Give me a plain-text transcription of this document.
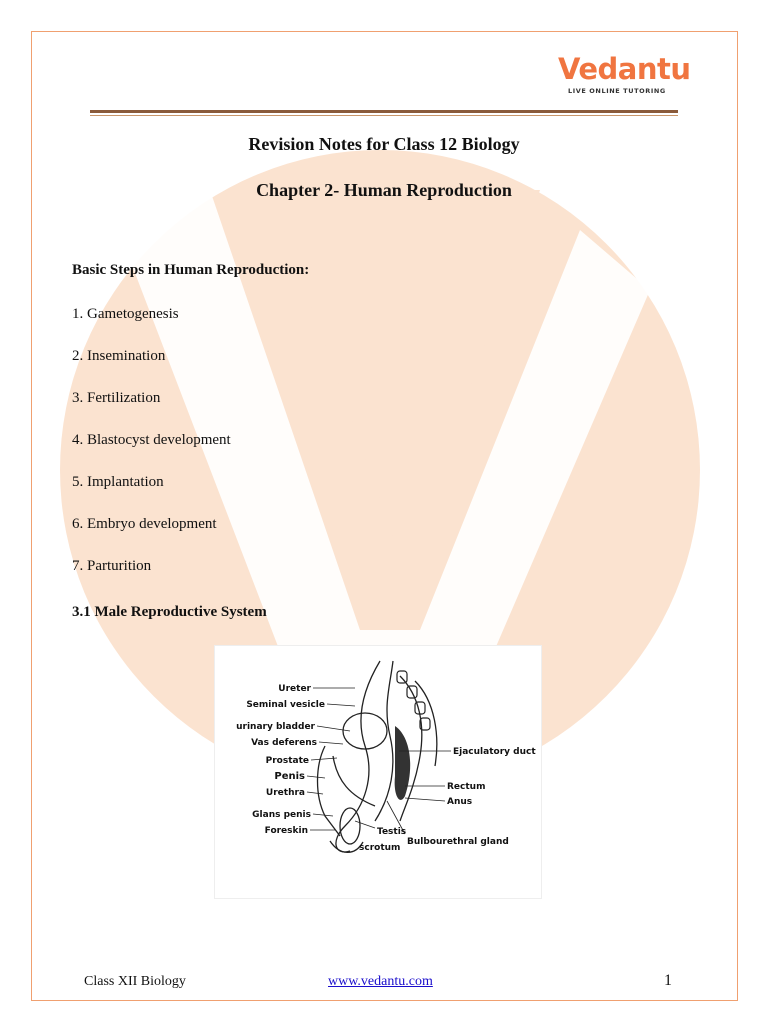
Vedantu
LIVE ONLINE TUTORING
Revision Notes for Class 12 Biology
Chapter 2- Human Reproduction
Basic Steps in Human Reproduction:
1. Gametogenesis
2. Insemination
3. Fertilization
4. Blastocyst development
5. Implantation
6. Embryo development
7. Parturition
3.1 Male Reproductive System
Ureter
Seminal vesicle
urinary bladder
Vas deferens
Prostate
Penis
Urethra
Glans penis
Foreskin
Ejaculatory duct
Rectum
Anus
Testis
scrotum
Bulbourethral gland
Class XII Biology	www.vedantu.com	1
